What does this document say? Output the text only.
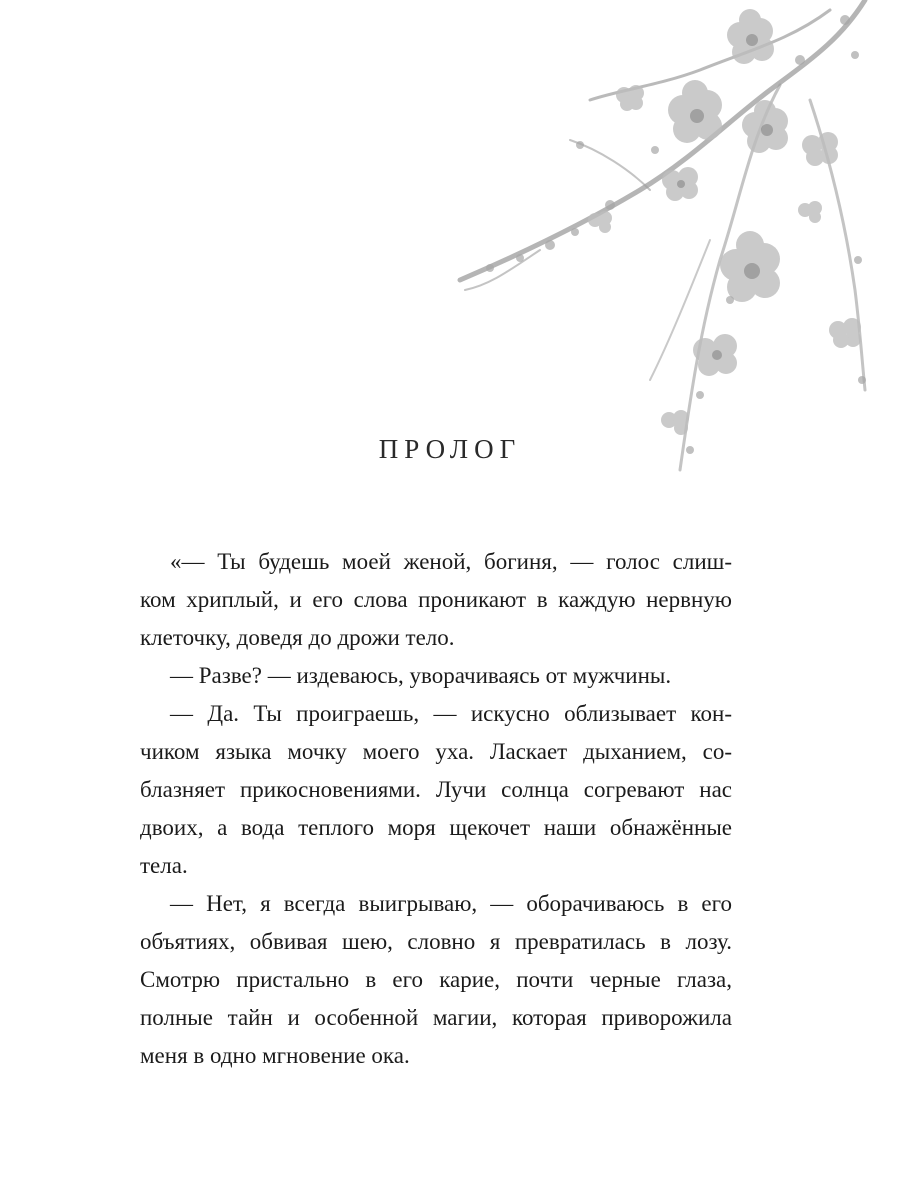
ПРОЛОГ

«— Ты будешь моей женой, богиня, — голос слиш-
ком хриплый, и его слова проникают в каждую нервную
клеточку, доведя до дрожи тело.

— Разве? — издеваюсь, уворачиваясь от мужчины.

— Да. Ты проиграешь, — искусно облизывает кон-
чиком языка мочку моего уха. Ласкает дыханием, со-
блазняет прикосновениями. Лучи солнца согревают нас
двоих, а вода теплого моря щекочет наши обнажённые
тела.

— Нет, я всегда выигрываю, — оборачиваюсь в его
объятиях, обвивая шею, словно я превратилась в лозу.
Смотрю пристально в его карие, почти черные глаза,
полные тайн и особенной магии, которая приворожила
меня в одно мгновение ока.
